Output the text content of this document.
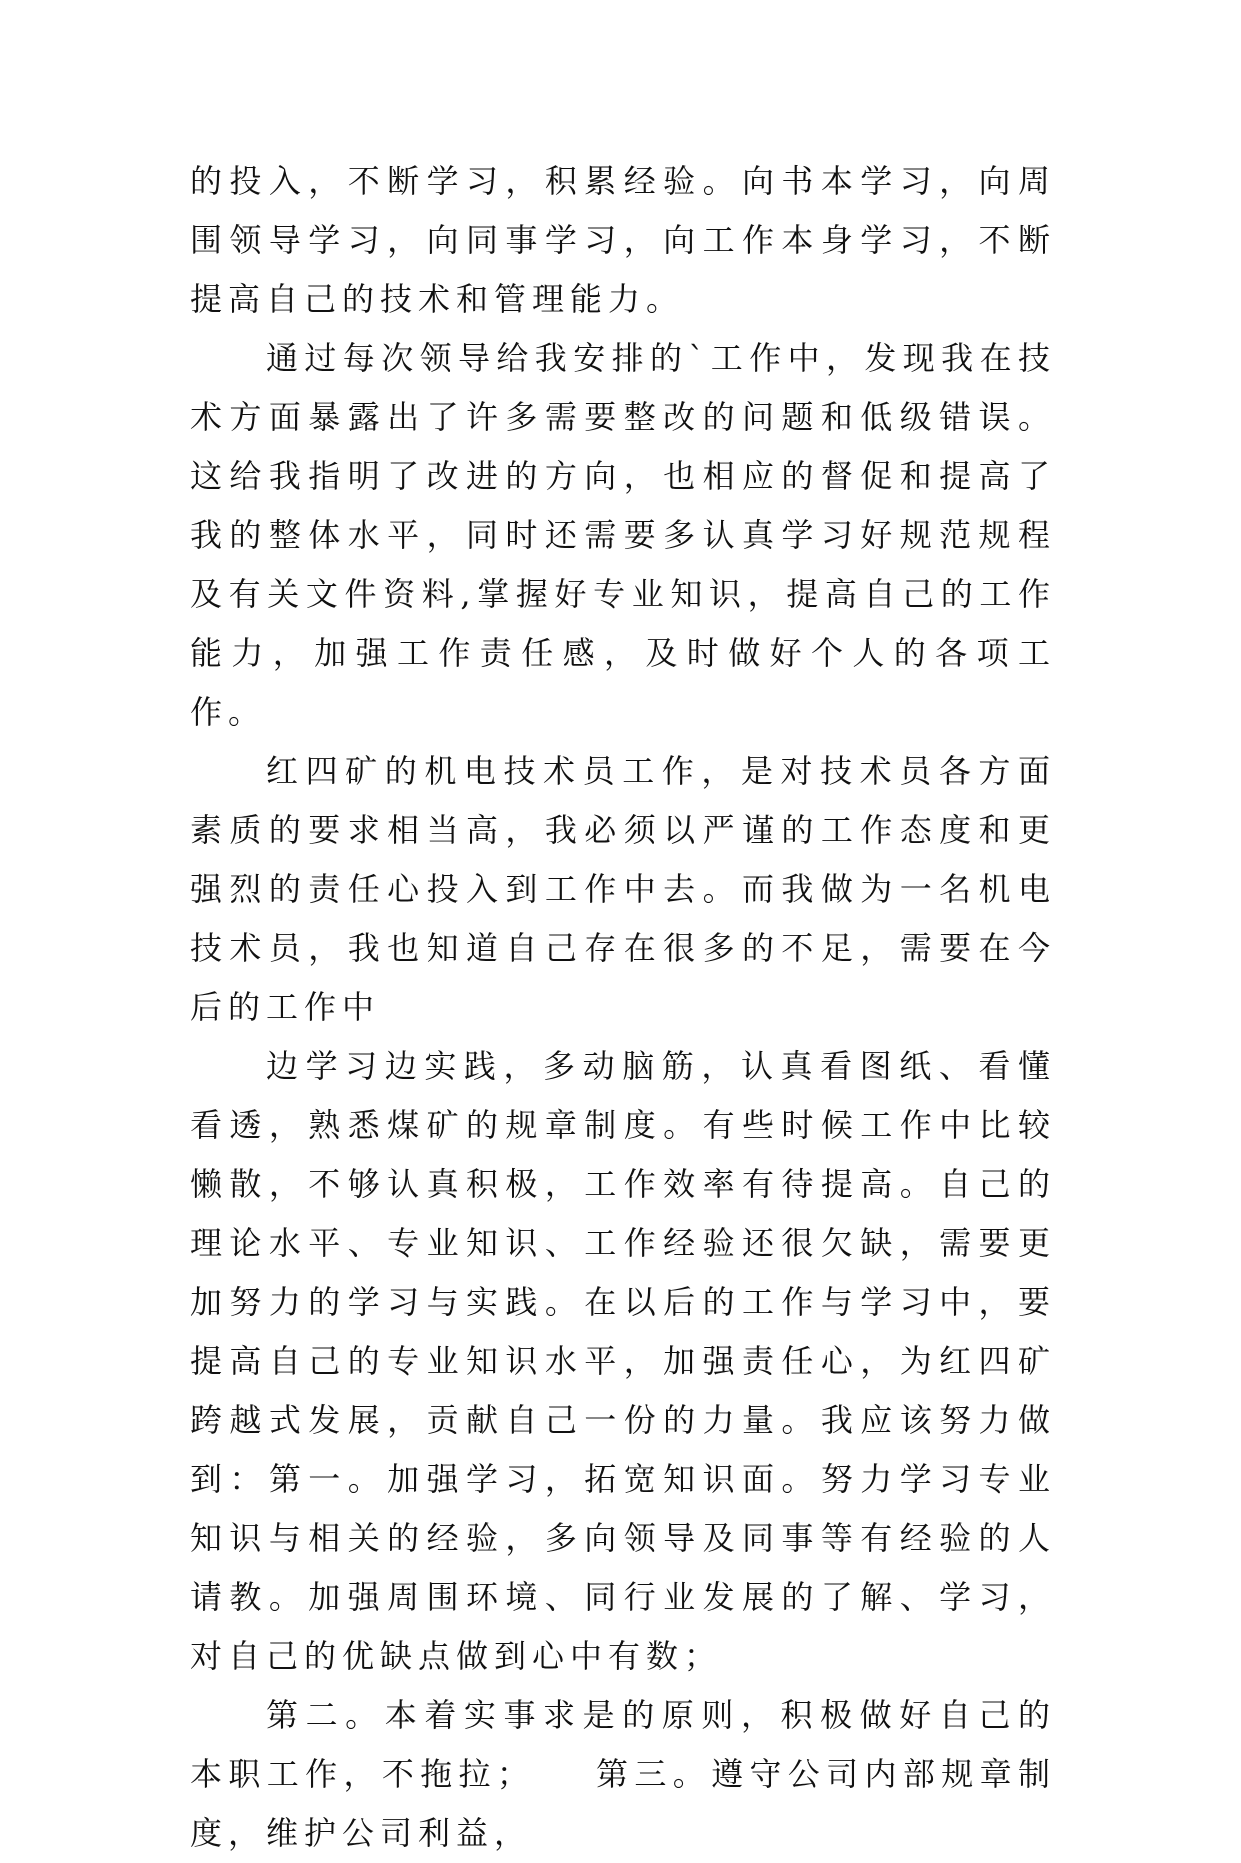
的投入，不断学习，积累经验。向书本学习，向周围领导学习，向同事学习，向工作本身学习，不断提高自己的技术和管理能力。

通过每次领导给我安排的`工作中，发现我在技术方面暴露出了许多需要整改的问题和低级错误。这给我指明了改进的方向，也相应的督促和提高了我的整体水平，同时还需要多认真学习好规范规程及有关文件资料,掌握好专业知识，提高自己的工作能力，加强工作责任感，及时做好个人的各项工作。

红四矿的机电技术员工作，是对技术员各方面素质的要求相当高，我必须以严谨的工作态度和更强烈的责任心投入到工作中去。而我做为一名机电技术员，我也知道自己存在很多的不足，需要在今后的工作中

边学习边实践，多动脑筋，认真看图纸、看懂看透，熟悉煤矿的规章制度。有些时候工作中比较懒散，不够认真积极，工作效率有待提高。自己的理论水平、专业知识、工作经验还很欠缺，需要更加努力的学习与实践。在以后的工作与学习中，要提高自己的专业知识水平，加强责任心，为红四矿跨越式发展，贡献自己一份的力量。我应该努力做到：第一。加强学习，拓宽知识面。努力学习专业知识与相关的经验，多向领导及同事等有经验的人请教。加强周围环境、同行业发展的了解、学习，对自己的优缺点做到心中有数；

第二。本着实事求是的原则，积极做好自己的本职工作，不拖拉；　　第三。遵守公司内部规章制度，维护公司利益，
